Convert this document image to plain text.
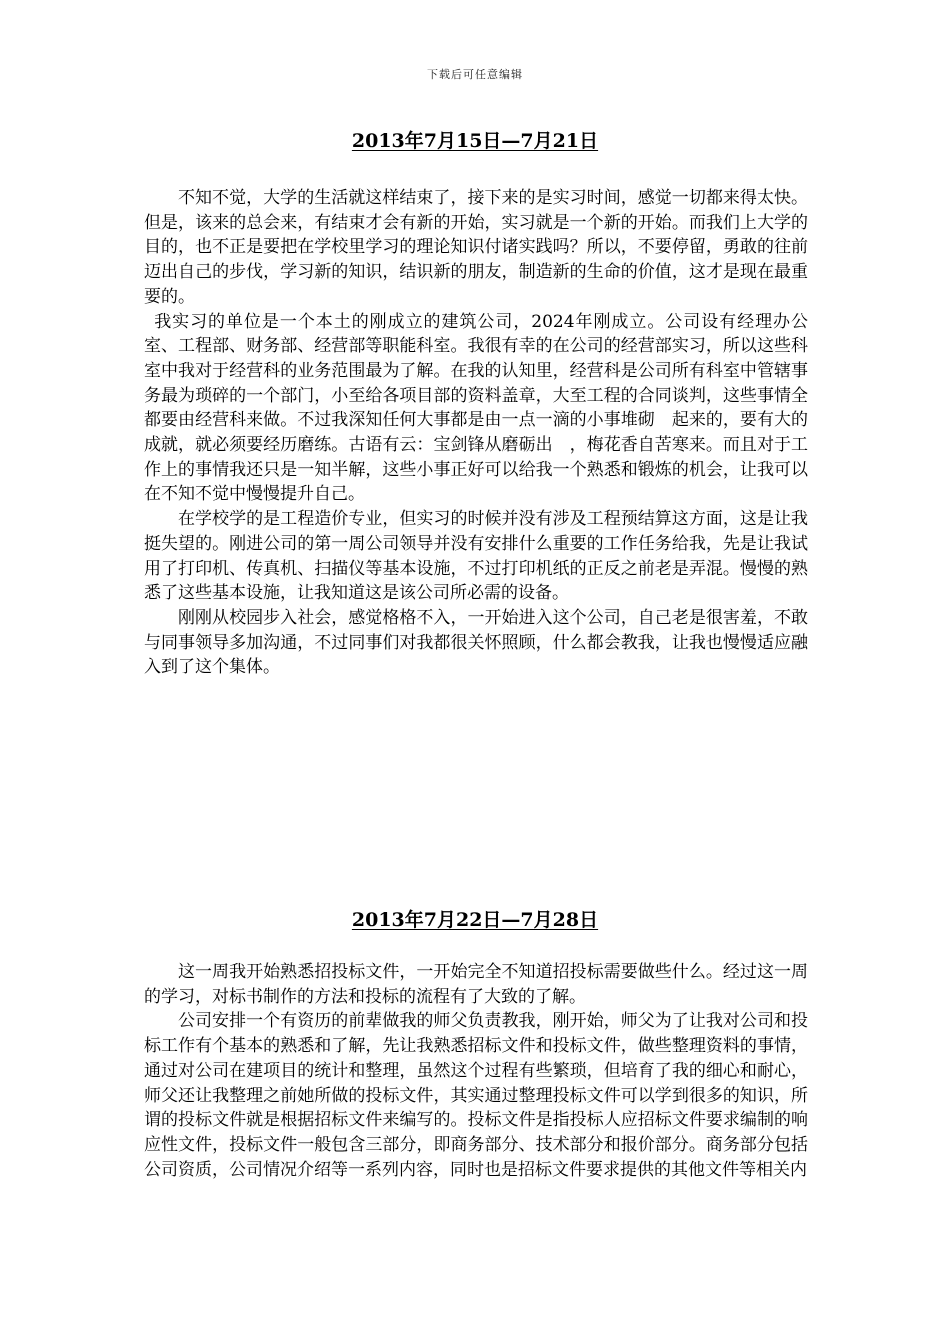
下载后可任意编辑
2013年7月15日—7月21日

不知不觉，大学的生活就这样结束了，接下来的是实习时间，感觉一切都来得太快。但是，该来的总会来，有结束才会有新的开始，实习就是一个新的开始。而我们上大学的目的，也不正是要把在学校里学习的理论知识付诸实践吗？所以，不要停留，勇敢的往前迈出自己的步伐，学习新的知识，结识新的朋友，制造新的生命的价值，这才是现在最重要的。

我实习的单位是一个本土的刚成立的建筑公司，2024年刚成立。公司设有经理办公室、工程部、财务部、经营部等职能科室。我很有幸的在公司的经营部实习，所以这些科室中我对于经营科的业务范围最为了解。在我的认知里，经营科是公司所有科室中管辖事务最为琐碎的一个部门，小至给各项目部的资料盖章，大至工程的合同谈判，这些事情全都要由经营科来做。不过我深知任何大事都是由一点一滴的小事堆砌　起来的，要有大的成就，就必须要经历磨练。古语有云：宝剑锋从磨砺出　，梅花香自苦寒来。而且对于工作上的事情我还只是一知半解，这些小事正好可以给我一个熟悉和锻炼的机会，让我可以在不知不觉中慢慢提升自己。

在学校学的是工程造价专业，但实习的时候并没有涉及工程预结算这方面，这是让我挺失望的。刚进公司的第一周公司领导并没有安排什么重要的工作任务给我，先是让我试用了打印机、传真机、扫描仪等基本设施，不过打印机纸的正反之前老是弄混。慢慢的熟悉了这些基本设施，让我知道这是该公司所必需的设备。

刚刚从校园步入社会，感觉格格不入，一开始进入这个公司，自己老是很害羞，不敢与同事领导多加沟通，不过同事们对我都很关怀照顾，什么都会教我，让我也慢慢适应融入到了这个集体。

2013年7月22日—7月28日

这一周我开始熟悉招投标文件，一开始完全不知道招投标需要做些什么。经过这一周的学习，对标书制作的方法和投标的流程有了大致的了解。

公司安排一个有资历的前辈做我的师父负责教我，刚开始，师父为了让我对公司和投标工作有个基本的熟悉和了解，先让我熟悉招标文件和投标文件，做些整理资料的事情，通过对公司在建项目的统计和整理，虽然这个过程有些繁琐，但培育了我的细心和耐心，师父还让我整理之前她所做的投标文件，其实通过整理投标文件可以学到很多的知识，所谓的投标文件就是根据招标文件来编写的。投标文件是指投标人应招标文件要求编制的响应性文件，投标文件一般包含三部分，即商务部分、技术部分和报价部分。商务部分包括公司资质，公司情况介绍等一系列内容，同时也是招标文件要求提供的其他文件等相关内
